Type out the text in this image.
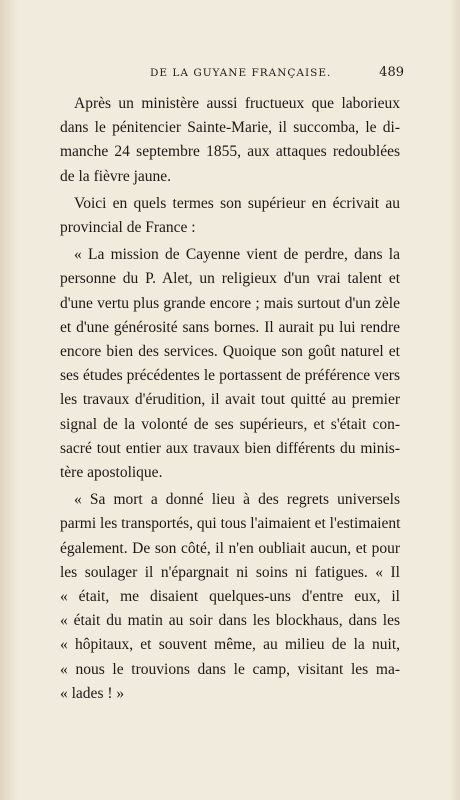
DE LA GUYANE FRANÇAISE.	489
Après un ministère aussi fructueux que laborieux
dans le pénitencier Sainte-Marie, il succomba, le di-
manche 24 septembre 1855, aux attaques redoublées
de la fièvre jaune.
Voici en quels termes son supérieur en écrivait au
provincial de France :
« La mission de Cayenne vient de perdre, dans la
personne du P. Alet, un religieux d'un vrai talent et
d'une vertu plus grande encore ; mais surtout d'un zèle
et d'une générosité sans bornes. Il aurait pu lui rendre
encore bien des services. Quoique son goût naturel et
ses études précédentes le portassent de préférence vers
les travaux d'érudition, il avait tout quitté au premier
signal de la volonté de ses supérieurs, et s'était con-
sacré tout entier aux travaux bien différents du minis-
tère apostolique.
« Sa mort a donné lieu à des regrets universels
parmi les transportés, qui tous l'aimaient et l'estimaient
également. De son côté, il n'en oubliait aucun, et pour
les soulager il n'épargnait ni soins ni fatigues. « Il
« était, me disaient quelques-uns d'entre eux, il
« était du matin au soir dans les blockhaus, dans les
« hôpitaux, et souvent même, au milieu de la nuit,
« nous le trouvions dans le camp, visitant les ma-
« lades ! »
